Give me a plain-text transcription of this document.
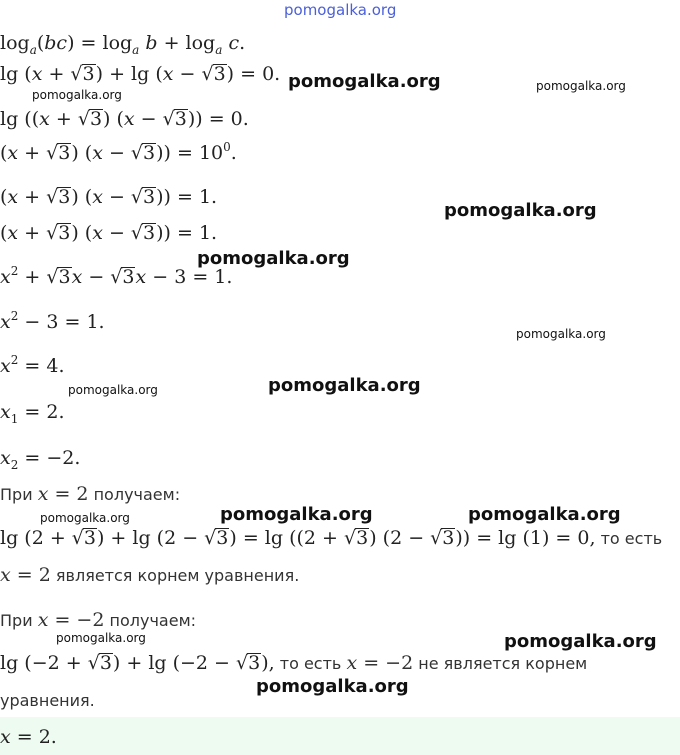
pomogalka.org
$\log_a(bc) = \log_a b + \log_a c$.
lg (x + √3) + lg (x − √3) = 0.
lg ((x + √3) (x − √3)) = 0.
(x + √3) $(x - √3)) = 10^0$.
(x + √3) (x − √3)) = 1.
(x + √3) (x − √3)) = 1.
$x^2 + √3x - √3x - 3 = 1$.
$x^2 - 3 = 1$.
$x^2 = 4$.
$x_1 = 2$.
$x_2 = -2$.
При x = 2 получаем:
lg (2 + √3) + lg (2 − √3) = lg ((2 + √3) (2 − √3)) = lg (1) = 0, то есть
x = 2 является корнем уравнения.
При x = −2 получаем:
lg (−2 + √3) + lg (−2 − √3), то есть x = −2 не является корнем
уравнения.
x = 2.
pomogalka.org	pomogalka.org
pomogalka.org
pomogalka.org
pomogalka.org
pomogalka.org
pomogalka.org
pomogalka.org
pomogalka.org	pomogalka.org	pomogalka.org
pomogalka.org	pomogalka.org
pomogalka.org
